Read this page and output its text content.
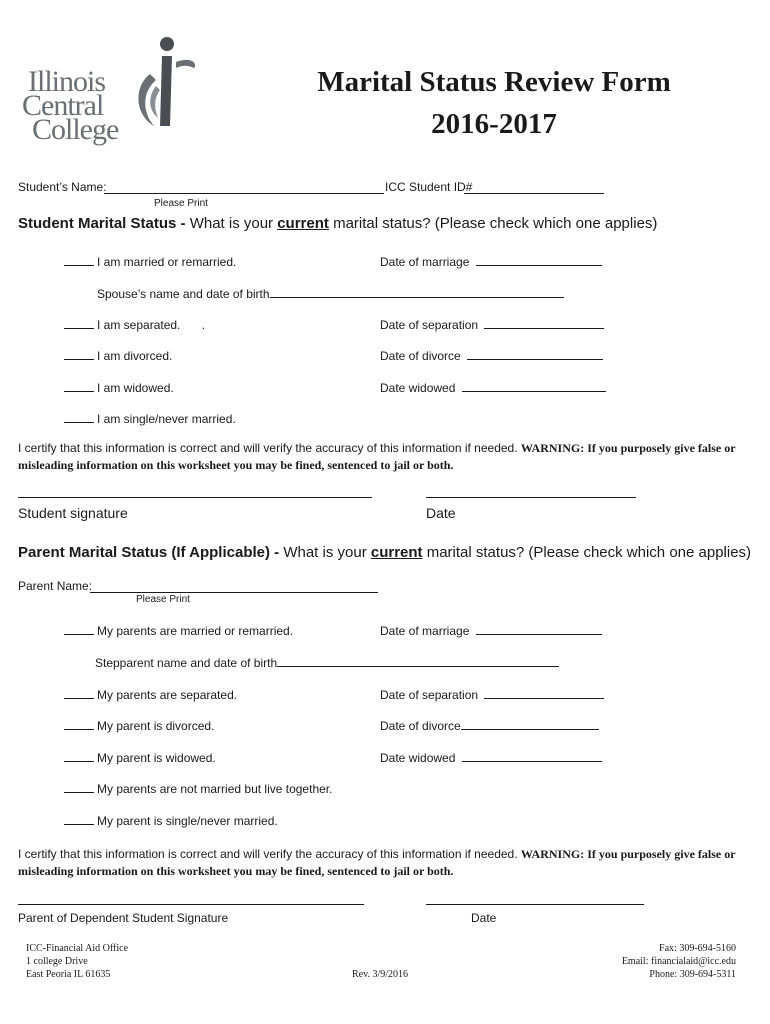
Illinois
Central
College
Marital Status Review Form
2016-2017
Student’s Name:	ICC Student ID#
Please Print
Student Marital Status - What is your current marital status? (Please check which one applies)
I am married or remarried.	Date of marriage
Spouse’s name and date of birth
I am separated. .	Date of separation
I am divorced.	Date of divorce
I am widowed.	Date widowed
I am single/never married.
I certify that this information is correct and will verify the accuracy of this information if needed. WARNING: If you purposely give false or misleading information on this worksheet you may be fined, sentenced to jail or both.
Student signature	Date
Parent Marital Status (If Applicable) - What is your current marital status? (Please check which one applies)
Parent Name:
Please Print
My parents are married or remarried.	Date of marriage
Stepparent name and date of birth
My parents are separated.	Date of separation
My parent is divorced.	Date of divorce
My parent is widowed.	Date widowed
My parents are not married but live together.
My parent is single/never married.
I certify that this information is correct and will verify the accuracy of this information if needed. WARNING: If you purposely give false or misleading information on this worksheet you may be fined, sentenced to jail or both.
Parent of Dependent Student Signature	Date
ICC-Financial Aid Office
1 college Drive
East Peoria IL 61635	Rev. 3/9/2016
Fax: 309-694-5160
Email: financialaid@icc.edu
Phone: 309-694-5311
